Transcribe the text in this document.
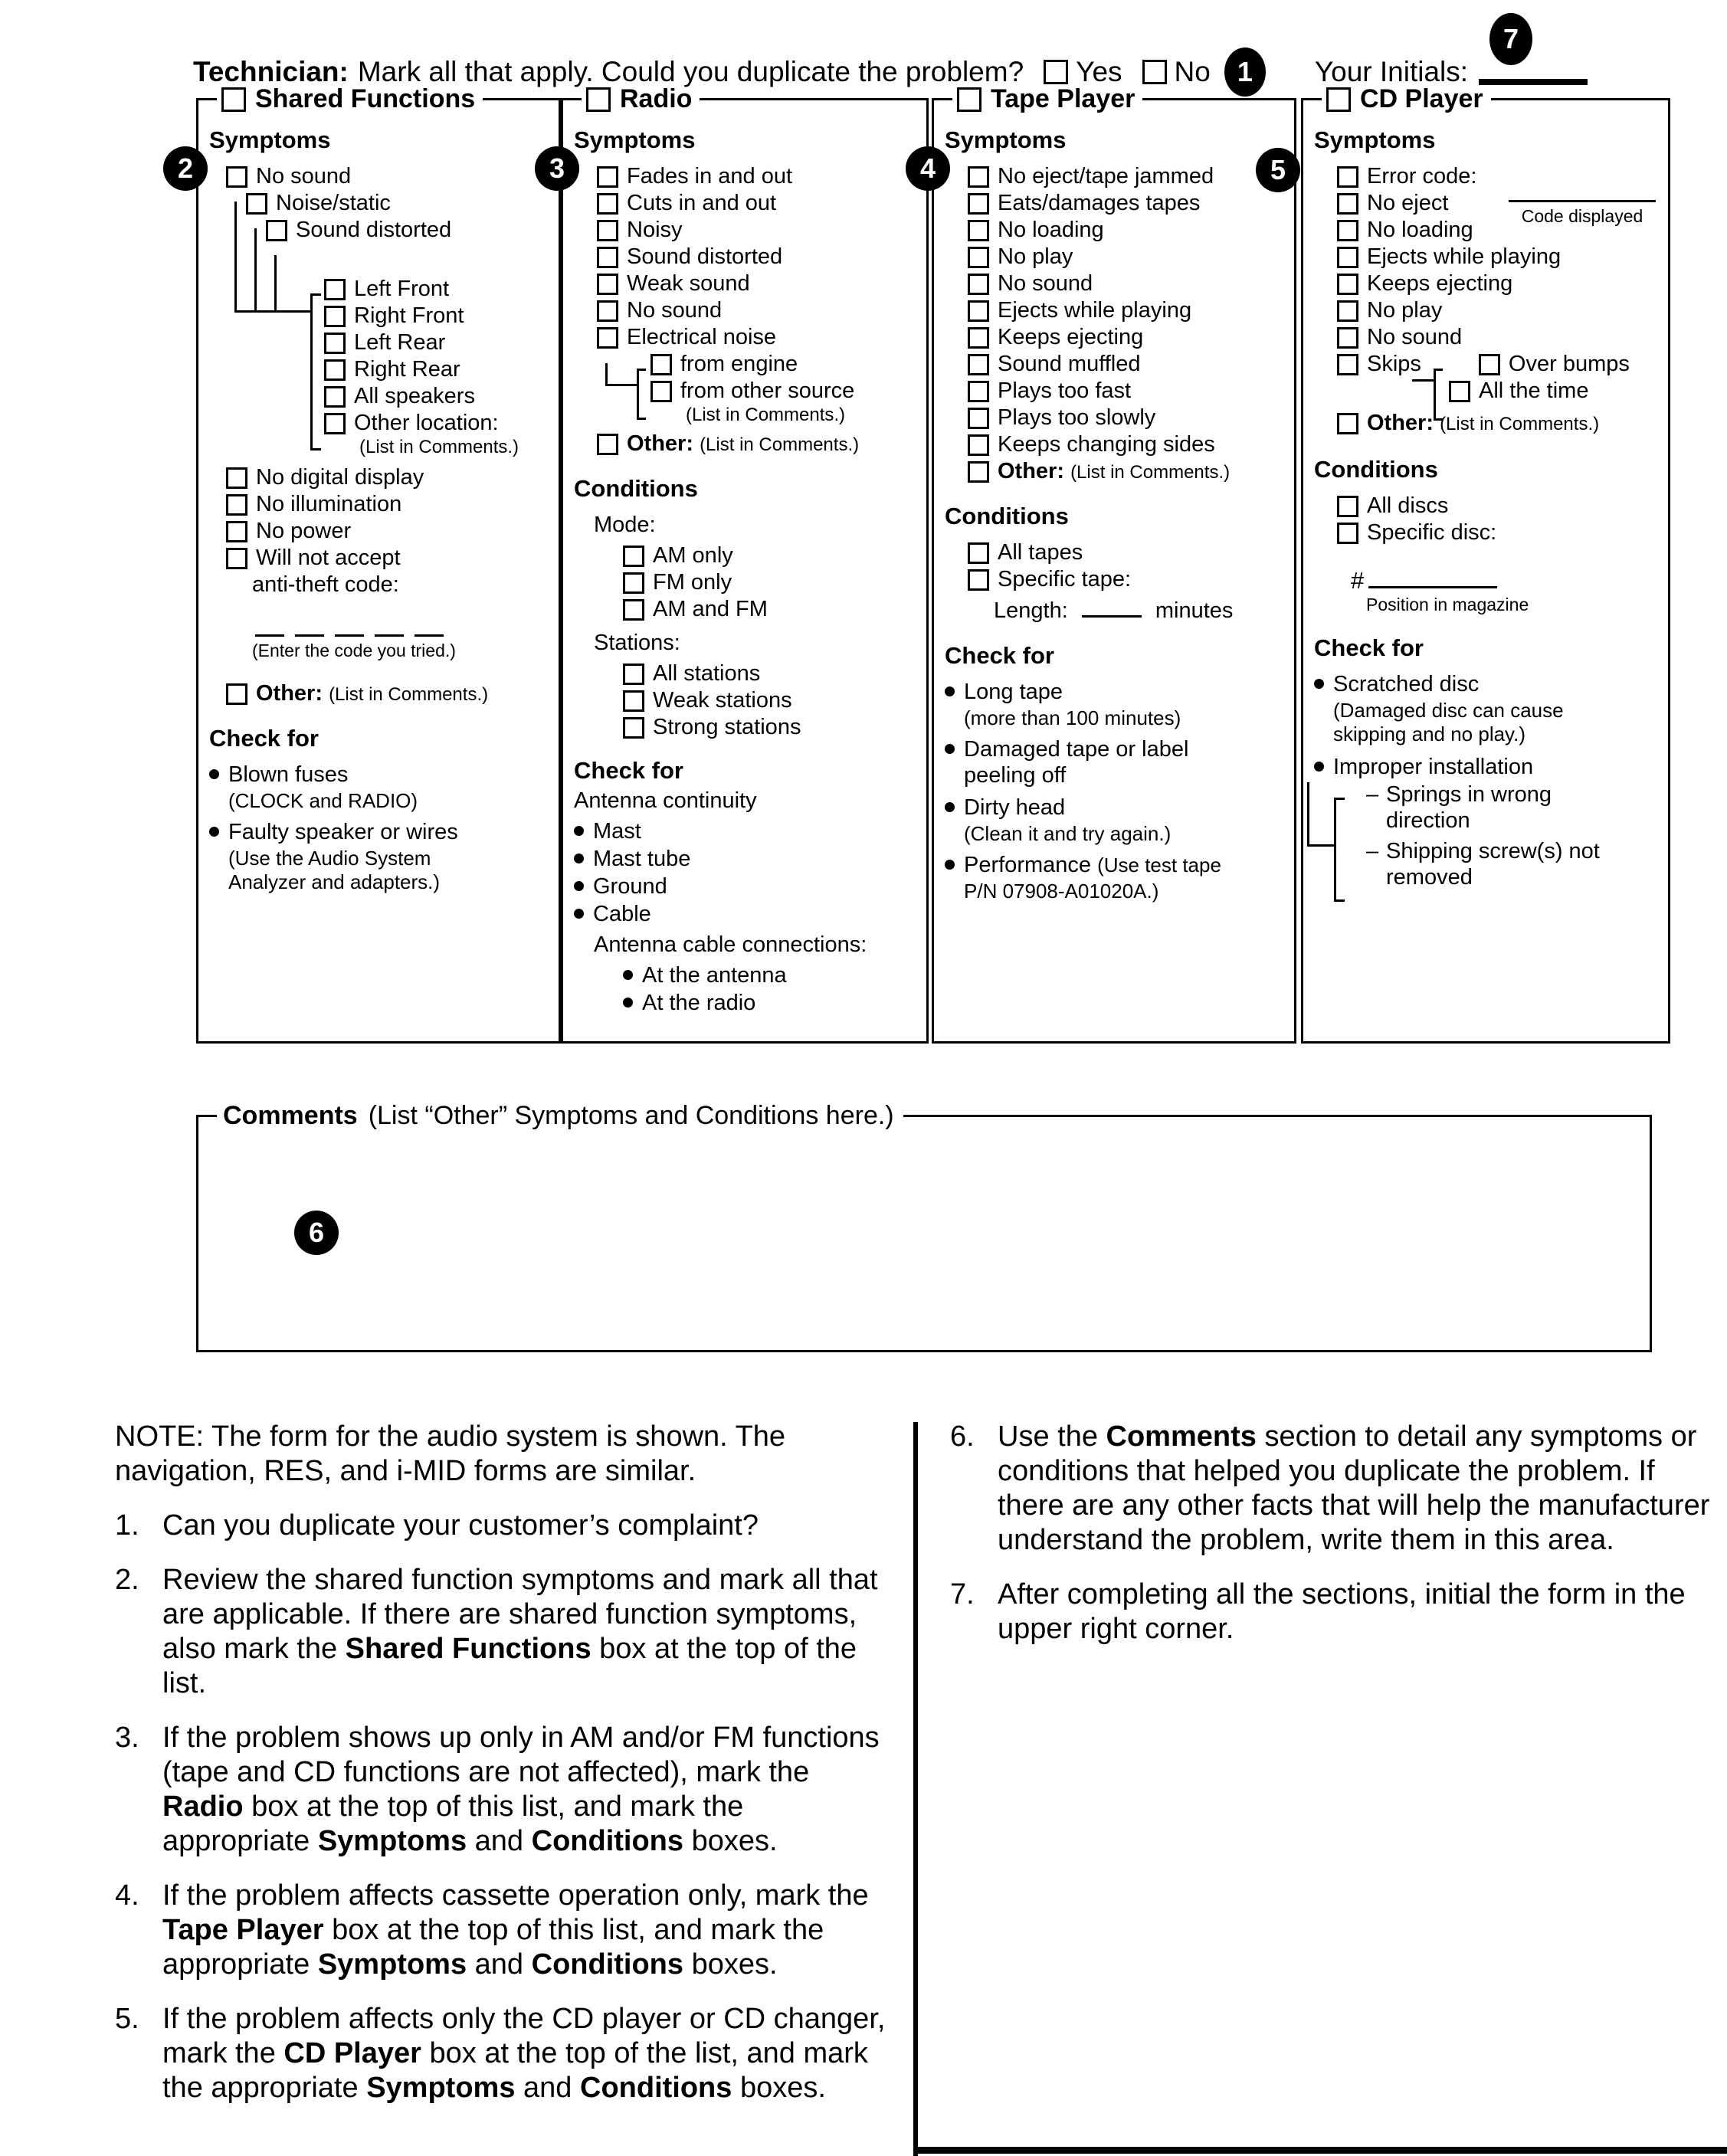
Technician: Mark all that apply. Could you duplicate the problem? Yes No 1	Your Initials:
7
2	3	4	5
Shared Functions
Symptoms
No sound
Noise/static
Sound distorted
Left Front
Right Front
Left Rear
Right Rear
All speakers
Other location:
(List in Comments.)
No digital display
No illumination
No power
Will not accept
anti-theft code:
(Enter the code you tried.)
Other: (List in Comments.)
Check for
Blown fuses
(CLOCK and RADIO)
Faulty speaker or wires
(Use the Audio System Analyzer and adapters.)
Radio
Symptoms
Fades in and out
Cuts in and out
Noisy
Sound distorted
Weak sound
No sound
Electrical noise
from engine
from other source
(List in Comments.)
Other: (List in Comments.)
Conditions
Mode:
AM only
FM only
AM and FM
Stations:
All stations
Weak stations
Strong stations
Check for
Antenna continuity
Mast
Mast tube
Ground
Cable
Antenna cable connections:
At the antenna
At the radio
Tape Player
Symptoms
No eject/tape jammed
Eats/damages tapes
No loading
No play
No sound
Ejects while playing
Keeps ejecting
Sound muffled
Plays too fast
Plays too slowly
Keeps changing sides
Other: (List in Comments.)
Conditions
All tapes
Specific tape:
Length:	minutes
Check for
Long tape
(more than 100 minutes)
Damaged tape or label peeling off
Dirty head
(Clean it and try again.)
Performance (Use test tape P/N 07908-A01020A.)
CD Player
Symptoms
Error code:
No eject
No loading
Ejects while playing
Keeps ejecting
No play
No sound
Skips	Over bumps
All the time
Other: (List in Comments.)
Conditions
All discs
Specific disc:
#
Position in magazine
Check for
Scratched disc
(Damaged disc can cause skipping and no play.)
Improper installation
– Springs in wrong direction
– Shipping screw(s) not removed
Code displayed
Comments (List “Other” Symptoms and Conditions here.)
6

NOTE: The form for the audio system is shown. The navigation, RES, and i-MID forms are similar.

1. Can you duplicate your customer’s complaint?
2. Review the shared function symptoms and mark all that are applicable. If there are shared function symptoms, also mark the Shared Functions box at the top of the list.
3. If the problem shows up only in AM and/or FM functions (tape and CD functions are not affected), mark the Radio box at the top of this list, and mark the appropriate Symptoms and Conditions boxes.
4. If the problem affects cassette operation only, mark the Tape Player box at the top of this list, and mark the appropriate Symptoms and Conditions boxes.
5. If the problem affects only the CD player or CD changer, mark the CD Player box at the top of the list, and mark the appropriate Symptoms and Conditions boxes.
6. Use the Comments section to detail any symptoms or conditions that helped you duplicate the problem. If there are any other facts that will help the manufacturer understand the problem, write them in this area.
7. After completing all the sections, initial the form in the upper right corner.
